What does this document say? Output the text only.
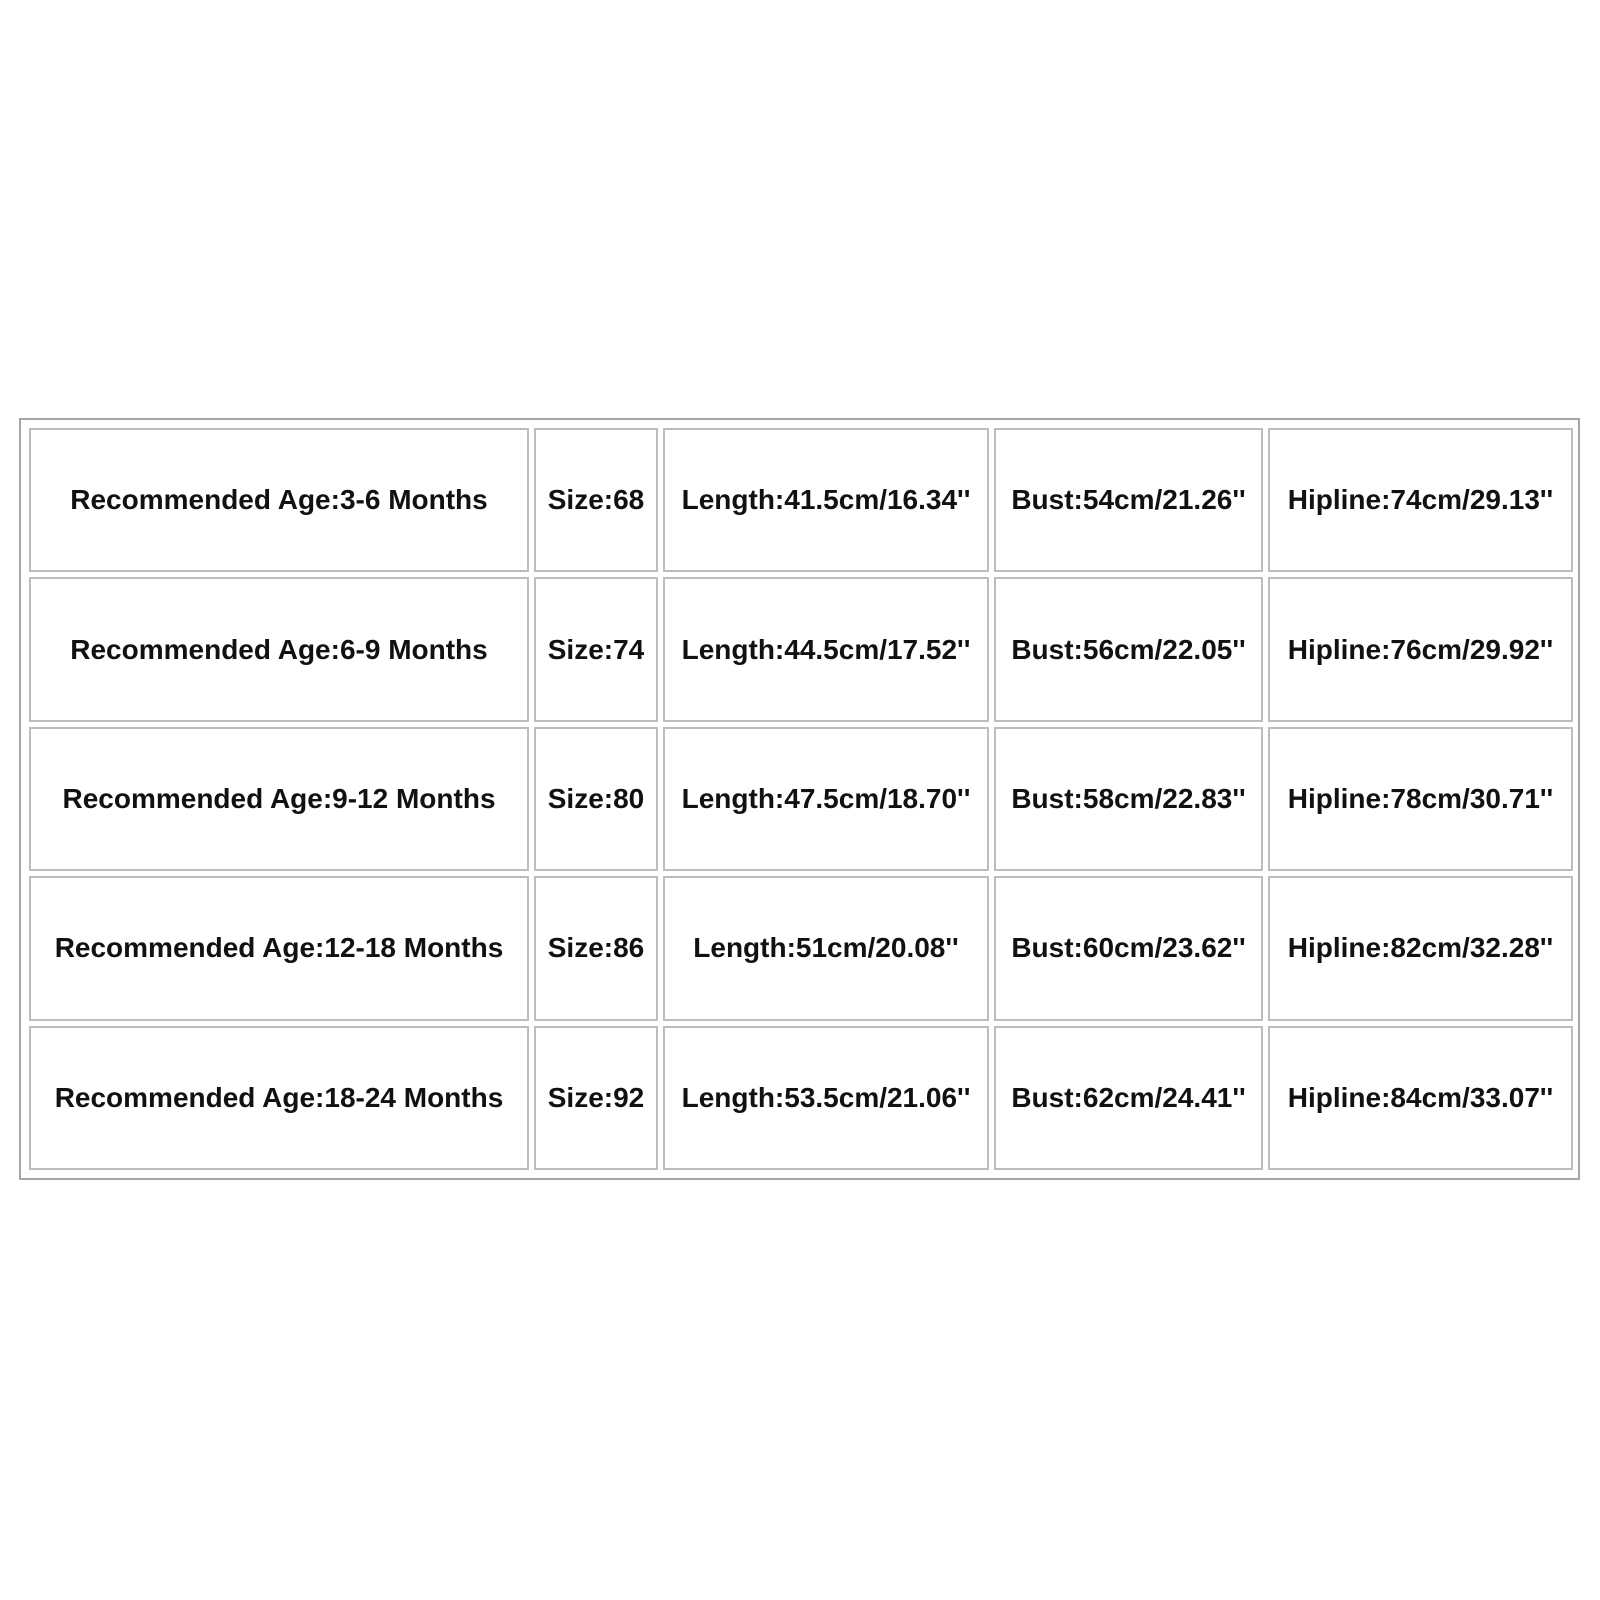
Recommended Age:3-6 Months	Size:68	Length:41.5cm/16.34''	Bust:54cm/21.26''	Hipline:74cm/29.13''
Recommended Age:6-9 Months	Size:74	Length:44.5cm/17.52''	Bust:56cm/22.05''	Hipline:76cm/29.92''
Recommended Age:9-12 Months	Size:80	Length:47.5cm/18.70''	Bust:58cm/22.83''	Hipline:78cm/30.71''
Recommended Age:12-18 Months	Size:86	Length:51cm/20.08''	Bust:60cm/23.62''	Hipline:82cm/32.28''
Recommended Age:18-24 Months	Size:92	Length:53.5cm/21.06''	Bust:62cm/24.41''	Hipline:84cm/33.07''
